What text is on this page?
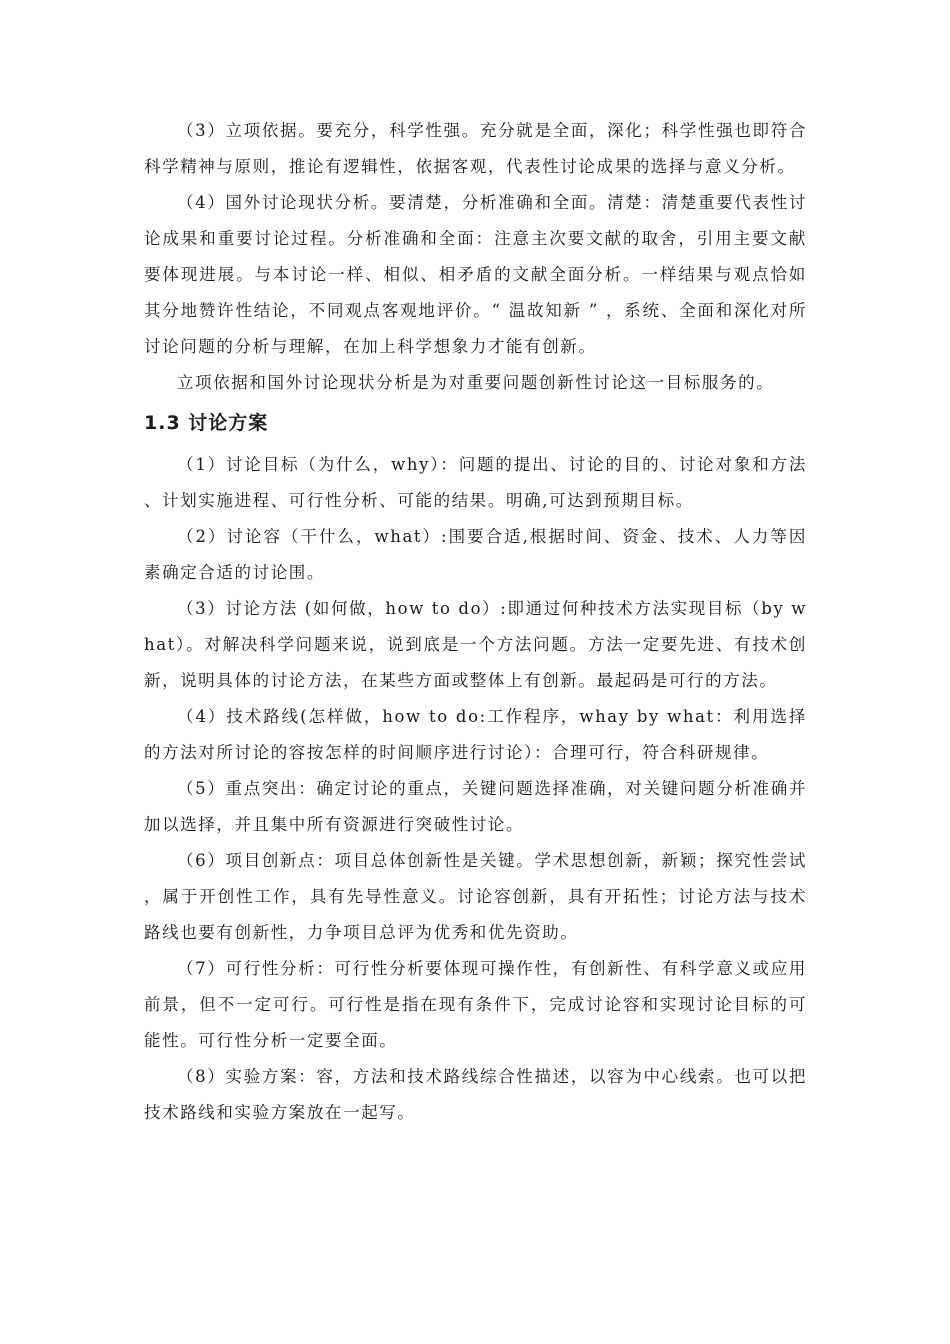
（3）立项依据。要充分，科学性强。充分就是全面，深化；科学性强也即符合科学精神与原则，推论有逻辑性，依据客观，代表性讨论成果的选择与意义分析。

（4）国外讨论现状分析。要清楚，分析准确和全面。清楚：清楚重要代表性讨论成果和重要讨论过程。分析准确和全面：注意主次要文献的取舍，引用主要文献要体现进展。与本讨论一样、相似、相矛盾的文献全面分析。一样结果与观点恰如其分地赞许性结论，不同观点客观地评价。“ 温故知新 ” ，系统、全面和深化对所讨论问题的分析与理解，在加上科学想象力才能有创新。

立项依据和国外讨论现状分析是为对重要问题创新性讨论这一目标服务的。

1.3 讨论方案

（1）讨论目标（为什么，why）：问题的提出、讨论的目的、讨论对象和方法、计划实施进程、可行性分析、可能的结果。明确,可达到预期目标。

（2）讨论容（干什么，what）:围要合适,根据时间、资金、技术、人力等因素确定合适的讨论围。

（3）讨论方法 (如何做，how to do）:即通过何种技术方法实现目标（by what）。对解决科学问题来说，说到底是一个方法问题。方法一定要先进、有技术创新，说明具体的讨论方法，在某些方面或整体上有创新。最起码是可行的方法。

（4）技术路线(怎样做，how to do:工作程序，whay by what：利用选择的方法对所讨论的容按怎样的时间顺序进行讨论）：合理可行，符合科研规律。

（5）重点突出：确定讨论的重点，关键问题选择准确，对关键问题分析准确并加以选择，并且集中所有资源进行突破性讨论。

（6）项目创新点：项目总体创新性是关键。学术思想创新，新颖；探究性尝试，属于开创性工作，具有先导性意义。讨论容创新，具有开拓性；讨论方法与技术路线也要有创新性，力争项目总评为优秀和优先资助。

（7）可行性分析：可行性分析要体现可操作性，有创新性、有科学意义或应用前景，但不一定可行。可行性是指在现有条件下，完成讨论容和实现讨论目标的可能性。可行性分析一定要全面。

（8）实验方案：容，方法和技术路线综合性描述，以容为中心线索。也可以把技术路线和实验方案放在一起写。
